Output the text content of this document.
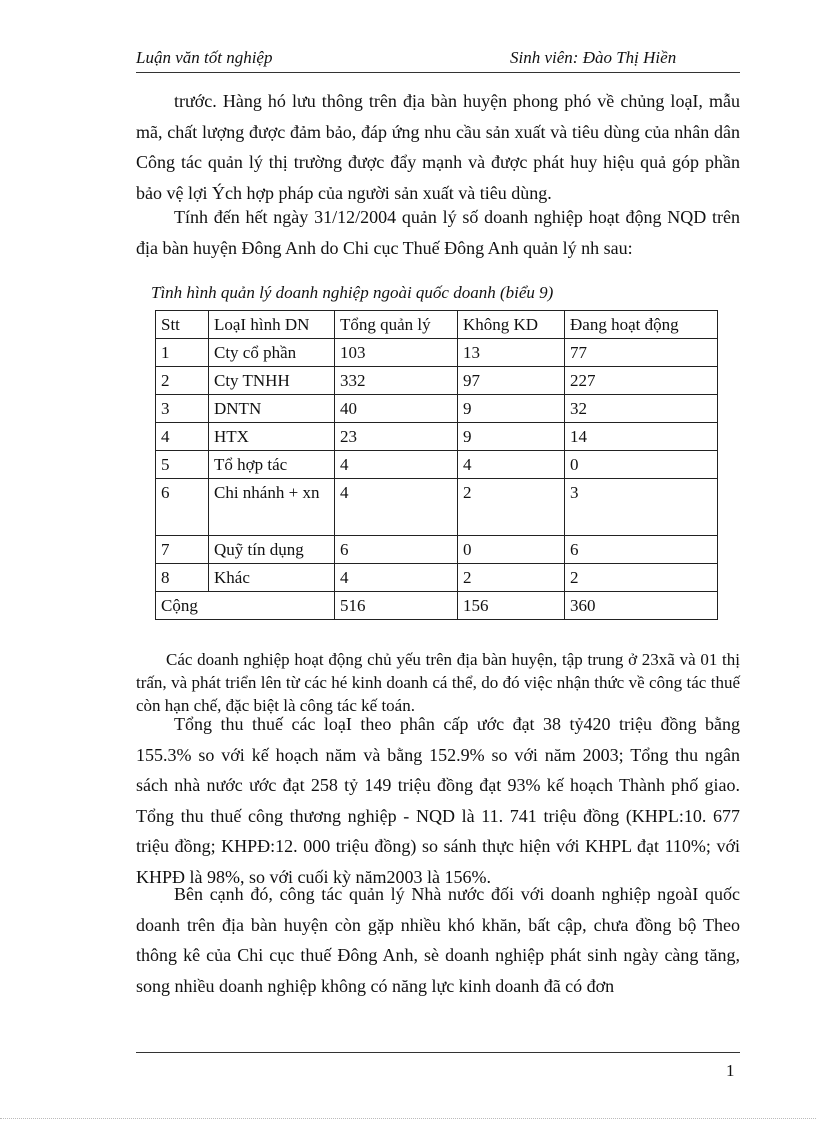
Luận văn tốt nghiệp	Sinh viên: Đào Thị Hiền

trước. Hàng hó lưu thông trên địa bàn huyện phong phó về chủng loạI, mẫu mã, chất lượng được đảm bảo, đáp ứng nhu cầu sản xuất và tiêu dùng của nhân dân Công tác quản lý thị trường được đẩy mạnh và được phát huy hiệu quả góp phần bảo vệ lợi Ých hợp pháp của người sản xuất và tiêu dùng.

Tính đến hết ngày 31/12/2004 quản lý số doanh nghiệp hoạt động NQD trên địa bàn huyện Đông Anh do Chi cục Thuế Đông Anh quản lý nh sau:

Tình hình quản lý doanh nghiệp ngoài quốc doanh (biểu 9)
Stt	LoạI hình DN	Tổng quản lý	Không KD	Đang hoạt động
1	Cty cổ phần	103	13	77
2	Cty TNHH	332	97	227
3	DNTN	40	9	32
4	HTX	23	9	14
5	Tổ hợp tác	4	4	0
6	Chi nhánh + xn	4	2	3
7	Quỹ tín dụng	6	0	6
8	Khác	4	2	2
Cộng		516	156	360

Các doanh nghiệp hoạt động chủ yếu trên địa bàn huyện, tập trung ở 23xã và 01 thị trấn, và phát triển lên từ các hé kinh doanh cá thể, do đó việc nhận thức về công tác thuế còn hạn chế, đặc biệt là công tác kế toán.

Tổng thu thuế các loạI theo phân cấp ước đạt 38 tỷ420 triệu đồng bằng 155.3% so với kế hoạch năm và bằng 152.9% so với năm 2003; Tổng thu ngân sách nhà nước ước đạt 258 tỷ 149 triệu đồng đạt 93% kế hoạch Thành phố giao. Tổng thu thuế công thương nghiệp - NQD là 11. 741 triệu đồng (KHPL:10. 677 triệu đồng; KHPĐ:12. 000 triệu đồng) so sánh thực hiện với KHPL đạt 110%; với KHPĐ là 98%, so với cuối kỳ năm2003 là 156%.

Bên cạnh đó, công tác quản lý Nhà nước đối với doanh nghiệp ngoàI quốc doanh trên địa bàn huyện còn gặp nhiều khó khăn, bất cập, chưa đồng bộ Theo thông kê của Chi cục thuế Đông Anh, sè doanh nghiệp phát sinh ngày càng tăng, song nhiều doanh nghiệp không có năng lực kinh doanh đã có đơn

1
